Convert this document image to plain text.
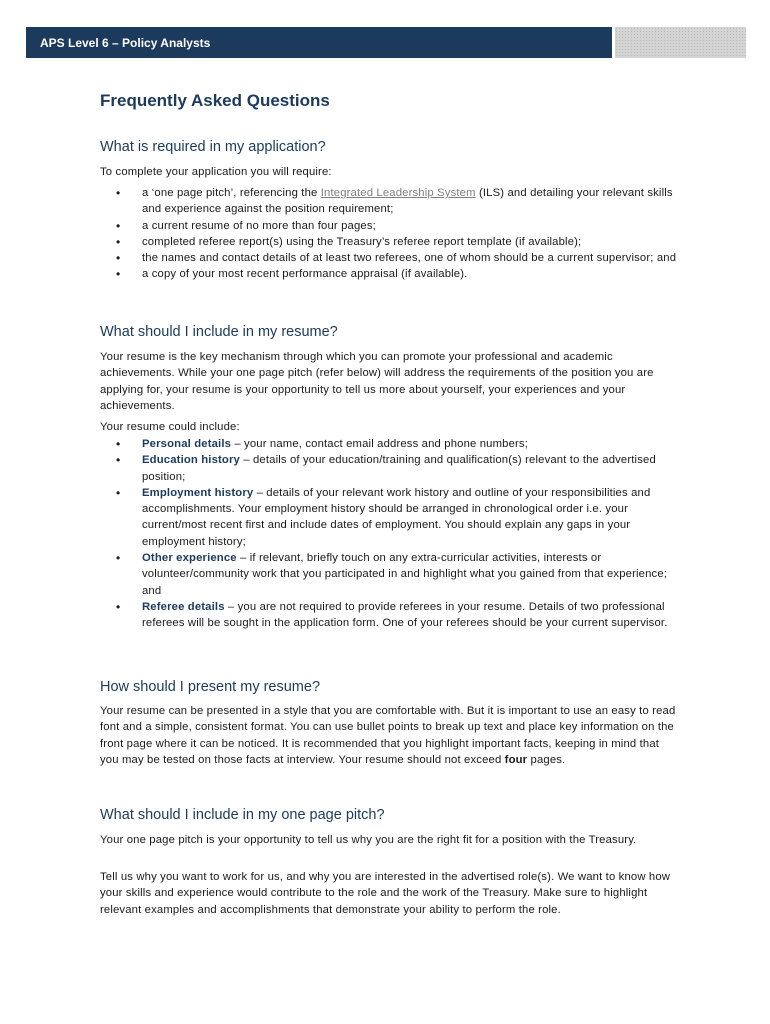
APS Level 6 – Policy Analysts
Frequently Asked Questions
What is required in my application?

To complete your application you will require:

• a ‘one page pitch’, referencing the Integrated Leadership System (ILS) and detailing your relevant skills and experience against the position requirement;
• a current resume of no more than four pages;
• completed referee report(s) using the Treasury’s referee report template (if available);
• the names and contact details of at least two referees, one of whom should be a current supervisor; and
• a copy of your most recent performance appraisal (if available).
What should I include in my resume?

Your resume is the key mechanism through which you can promote your professional and academic achievements. While your one page pitch (refer below) will address the requirements of the position you are applying for, your resume is your opportunity to tell us more about yourself, your experiences and your achievements.

Your resume could include:

• Personal details – your name, contact email address and phone numbers;
• Education history – details of your education/training and qualification(s) relevant to the advertised position;
• Employment history – details of your relevant work history and outline of your responsibilities and accomplishments. Your employment history should be arranged in chronological order i.e. your current/most recent first and include dates of employment. You should explain any gaps in your employment history;
• Other experience – if relevant, briefly touch on any extra-curricular activities, interests or volunteer/community work that you participated in and highlight what you gained from that experience; and
• Referee details – you are not required to provide referees in your resume. Details of two professional referees will be sought in the application form. One of your referees should be your current supervisor.
How should I present my resume?

Your resume can be presented in a style that you are comfortable with. But it is important to use an easy to read font and a simple, consistent format. You can use bullet points to break up text and place key information on the front page where it can be noticed. It is recommended that you highlight important facts, keeping in mind that you may be tested on those facts at interview. Your resume should not exceed four pages.

What should I include in my one page pitch?

Your one page pitch is your opportunity to tell us why you are the right fit for a position with the Treasury.

Tell us why you want to work for us, and why you are interested in the advertised role(s). We want to know how your skills and experience would contribute to the role and the work of the Treasury. Make sure to highlight relevant examples and accomplishments that demonstrate your ability to perform the role.
